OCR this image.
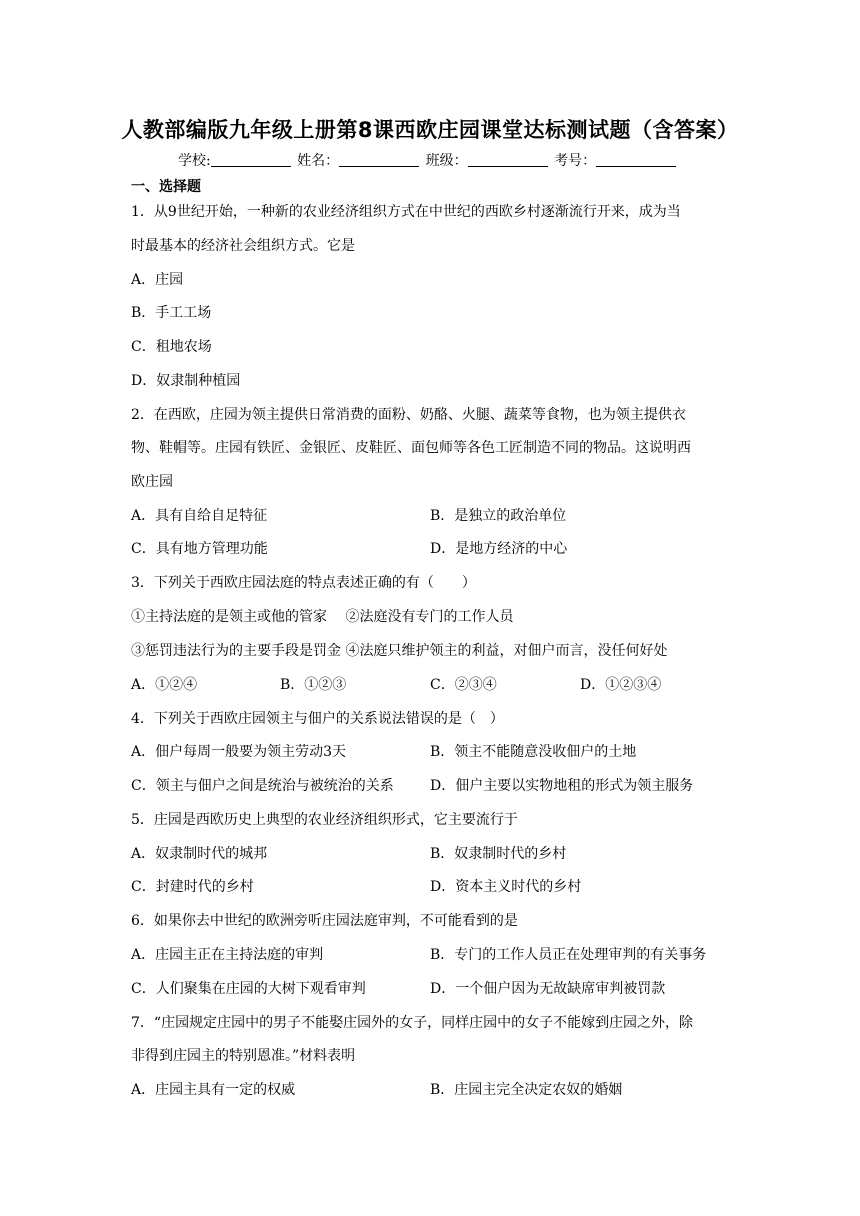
人教部编版九年级上册第8课西欧庄园课堂达标测试题（含答案）
学校:	姓名：	班级：	考号：
一、选择题
1．从9世纪开始，一种新的农业经济组织方式在中世纪的西欧乡村逐渐流行开来，成为当
时最基本的经济社会组织方式。它是
A．庄园
B．手工工场
C．租地农场
D．奴隶制种植园
2．在西欧，庄园为领主提供日常消费的面粉、奶酪、火腿、蔬菜等食物，也为领主提供衣
物、鞋帽等。庄园有铁匠、金银匠、皮鞋匠、面包师等各色工匠制造不同的物品。这说明西
欧庄园
A．具有自给自足特征	B．是独立的政治单位
C．具有地方管理功能	D．是地方经济的中心
3．下列关于西欧庄园法庭的特点表述正确的有（　　）
①主持法庭的是领主或他的管家　 ②法庭没有专门的工作人员
③惩罚违法行为的主要手段是罚金 ④法庭只维护领主的利益，对佃户而言，没任何好处
A．①②④	B．①②③	C．②③④	D．①②③④
4．下列关于西欧庄园领主与佃户的关系说法错误的是（　）
A．佃户每周一般要为领主劳动3天	B．领主不能随意没收佃户的土地
C．领主与佃户之间是统治与被统治的关系	D．佃户主要以实物地租的形式为领主服务
5．庄园是西欧历史上典型的农业经济组织形式，它主要流行于
A．奴隶制时代的城邦	B．奴隶制时代的乡村
C．封建时代的乡村	D．资本主义时代的乡村
6．如果你去中世纪的欧洲旁听庄园法庭审判，不可能看到的是
A．庄园主正在主持法庭的审判	B．专门的工作人员正在处理审判的有关事务
C．人们聚集在庄园的大树下观看审判	D．一个佃户因为无故缺席审判被罚款
7．“庄园规定庄园中的男子不能娶庄园外的女子，同样庄园中的女子不能嫁到庄园之外，除
非得到庄园主的特别恩准。”材料表明
A．庄园主具有一定的权威	B．庄园主完全决定农奴的婚姻
